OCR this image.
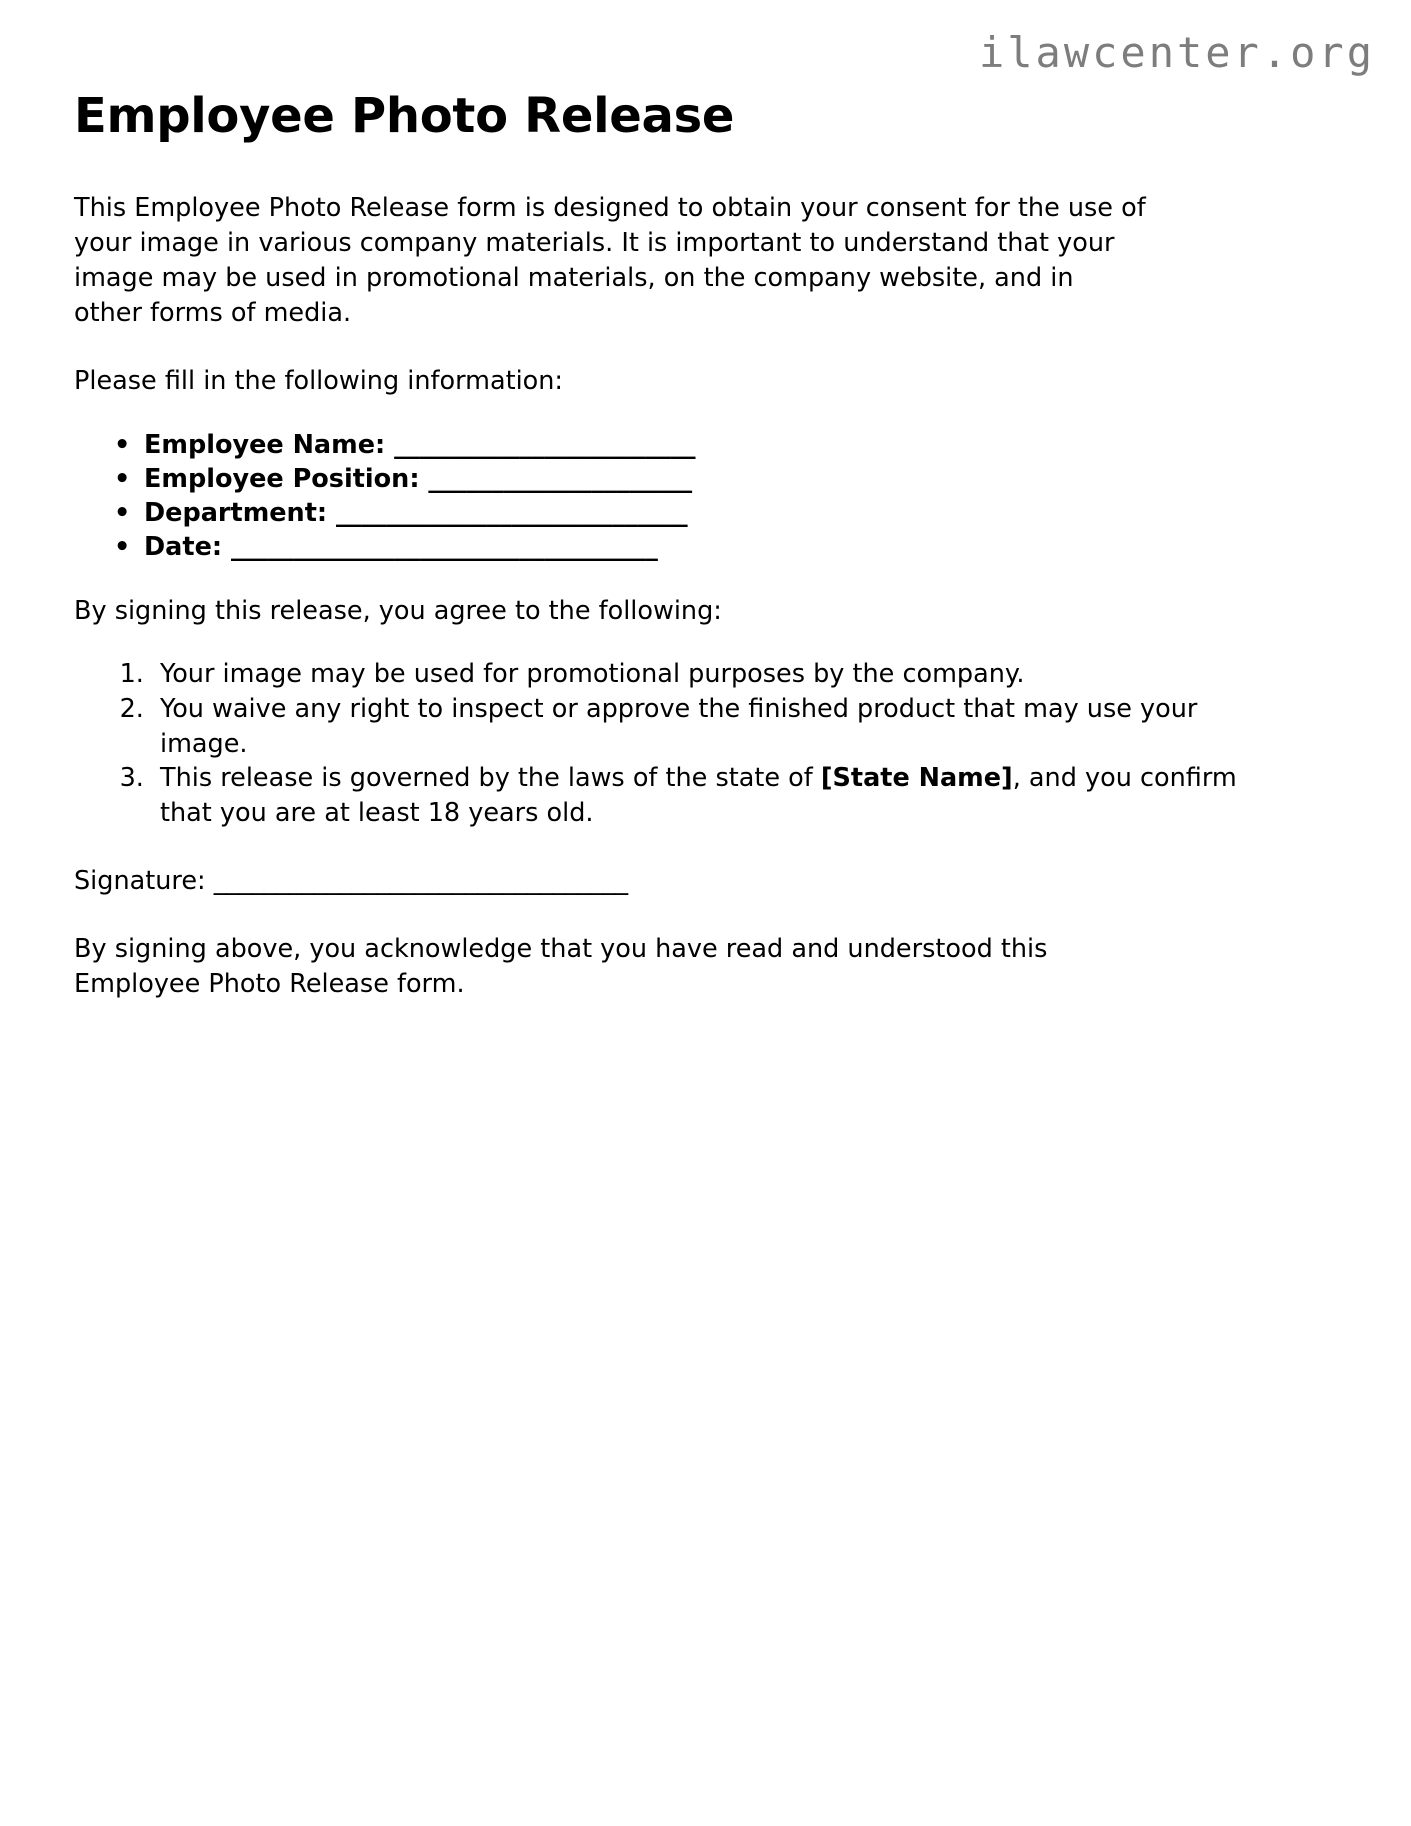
ilawcenter.org
Employee Photo Release

This Employee Photo Release form is designed to obtain your consent for the use of your image in various company materials. It is important to understand that your image may be used in promotional materials, on the company website, and in other forms of media.

Please fill in the following information:

• Employee Name: ________________________
• Employee Position: _____________________
• Department: ____________________________
• Date: __________________________________

By signing this release, you agree to the following:

1. Your image may be used for promotional purposes by the company.
2. You waive any right to inspect or approve the finished product that may use your image.
3. This release is governed by the laws of the state of [State Name], and you confirm that you are at least 18 years old.

Signature: _________________________________

By signing above, you acknowledge that you have read and understood this Employee Photo Release form.
